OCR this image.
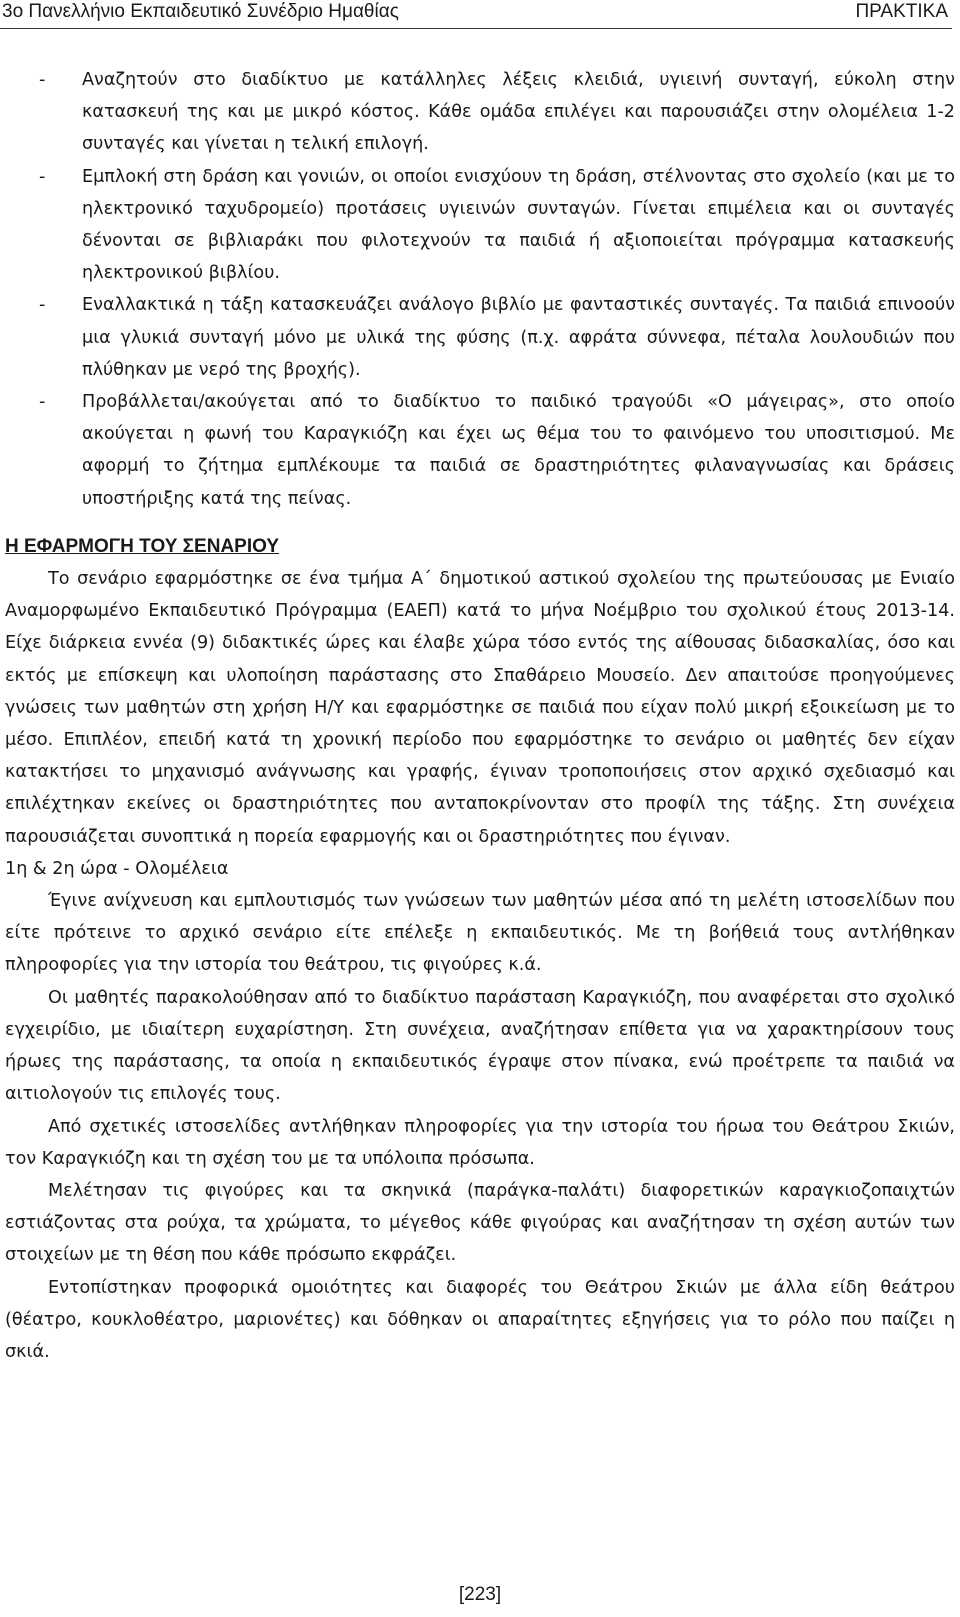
3ο Πανελλήνιο Εκπαιδευτικό Συνέδριο Ημαθίας	ΠΡΑΚΤΙΚΑ
- Αναζητούν στο διαδίκτυο με κατάλληλες λέξεις κλειδιά, υγιεινή συνταγή, εύκολη στην κατασκευή της και με μικρό κόστος. Κάθε ομάδα επιλέγει και παρουσιάζει στην ολομέλεια 1-2 συνταγές και γίνεται η τελική επιλογή.
- Εμπλοκή στη δράση και γονιών, οι οποίοι ενισχύουν τη δράση, στέλνοντας στο σχολείο (και με το ηλεκτρονικό ταχυδρομείο) προτάσεις υγιεινών συνταγών. Γίνεται επιμέλεια και οι συνταγές δένονται σε βιβλιαράκι που φιλοτεχνούν τα παιδιά ή αξιοποιείται πρόγραμμα κατασκευής ηλεκτρονικού βιβλίου.
- Εναλλακτικά η τάξη κατασκευάζει ανάλογο βιβλίο με φανταστικές συνταγές. Τα παιδιά επινοούν μια γλυκιά συνταγή μόνο με υλικά της φύσης (π.χ. αφράτα σύννεφα, πέταλα λουλουδιών που πλύθηκαν με νερό της βροχής).
- Προβάλλεται/ακούγεται από το διαδίκτυο το παιδικό τραγούδι «Ο μάγειρας», στο οποίο ακούγεται η φωνή του Καραγκιόζη και έχει ως θέμα του το φαινόμενο του υποσιτισμού. Με αφορμή το ζήτημα εμπλέκουμε τα παιδιά σε δραστηριότητες φιλαναγνωσίας και δράσεις υποστήριξης κατά της πείνας.

Η ΕΦΑΡΜΟΓΗ ΤΟΥ ΣΕΝΑΡΙΟΥ

Το σενάριο εφαρμόστηκε σε ένα τμήμα Α΄ δημοτικού αστικού σχολείου της πρωτεύουσας με Ενιαίο Αναμορφωμένο Εκπαιδευτικό Πρόγραμμα (ΕΑΕΠ) κατά το μήνα Νοέμβριο του σχολικού έτους 2013-14. Είχε διάρκεια εννέα (9) διδακτικές ώρες και έλαβε χώρα τόσο εντός της αίθουσας διδασκαλίας, όσο και εκτός με επίσκεψη και υλοποίηση παράστασης στο Σπαθάρειο Μουσείο. Δεν απαιτούσε προηγούμενες γνώσεις των μαθητών στη χρήση Η/Υ και εφαρμόστηκε σε παιδιά που είχαν πολύ μικρή εξοικείωση με το μέσο. Επιπλέον, επειδή κατά τη χρονική περίοδο που εφαρμόστηκε το σενάριο οι μαθητές δεν είχαν κατακτήσει το μηχανισμό ανάγνωσης και γραφής, έγιναν τροποποιήσεις στον αρχικό σχεδιασμό και επιλέχτηκαν εκείνες οι δραστηριότητες που ανταποκρίνονταν στο προφίλ της τάξης. Στη συνέχεια παρουσιάζεται συνοπτικά η πορεία εφαρμογής και οι δραστηριότητες που έγιναν.

1η & 2η ώρα - Ολομέλεια

Έγινε ανίχνευση και εμπλουτισμός των γνώσεων των μαθητών μέσα από τη μελέτη ιστοσελίδων που είτε πρότεινε το αρχικό σενάριο είτε επέλεξε η εκπαιδευτικός. Με τη βοήθειά τους αντλήθηκαν πληροφορίες για την ιστορία του θεάτρου, τις φιγούρες κ.ά.

Οι μαθητές παρακολούθησαν από το διαδίκτυο παράσταση Καραγκιόζη, που αναφέρεται στο σχολικό εγχειρίδιο, με ιδιαίτερη ευχαρίστηση. Στη συνέχεια, αναζήτησαν επίθετα για να χαρακτηρίσουν τους ήρωες της παράστασης, τα οποία η εκπαιδευτικός έγραψε στον πίνακα, ενώ προέτρεπε τα παιδιά να αιτιολογούν τις επιλογές τους.

Από σχετικές ιστοσελίδες αντλήθηκαν πληροφορίες για την ιστορία του ήρωα του Θεάτρου Σκιών, τον Καραγκιόζη και τη σχέση του με τα υπόλοιπα πρόσωπα.

Μελέτησαν τις φιγούρες και τα σκηνικά (παράγκα-παλάτι) διαφορετικών καραγκιοζοπαιχτών εστιάζοντας στα ρούχα, τα χρώματα, το μέγεθος κάθε φιγούρας και αναζήτησαν τη σχέση αυτών των στοιχείων με τη θέση που κάθε πρόσωπο εκφράζει.

Εντοπίστηκαν προφορικά ομοιότητες και διαφορές του Θεάτρου Σκιών με άλλα είδη θεάτρου (θέατρο, κουκλοθέατρο, μαριονέτες) και δόθηκαν οι απαραίτητες εξηγήσεις για το ρόλο που παίζει η σκιά.

[223]
